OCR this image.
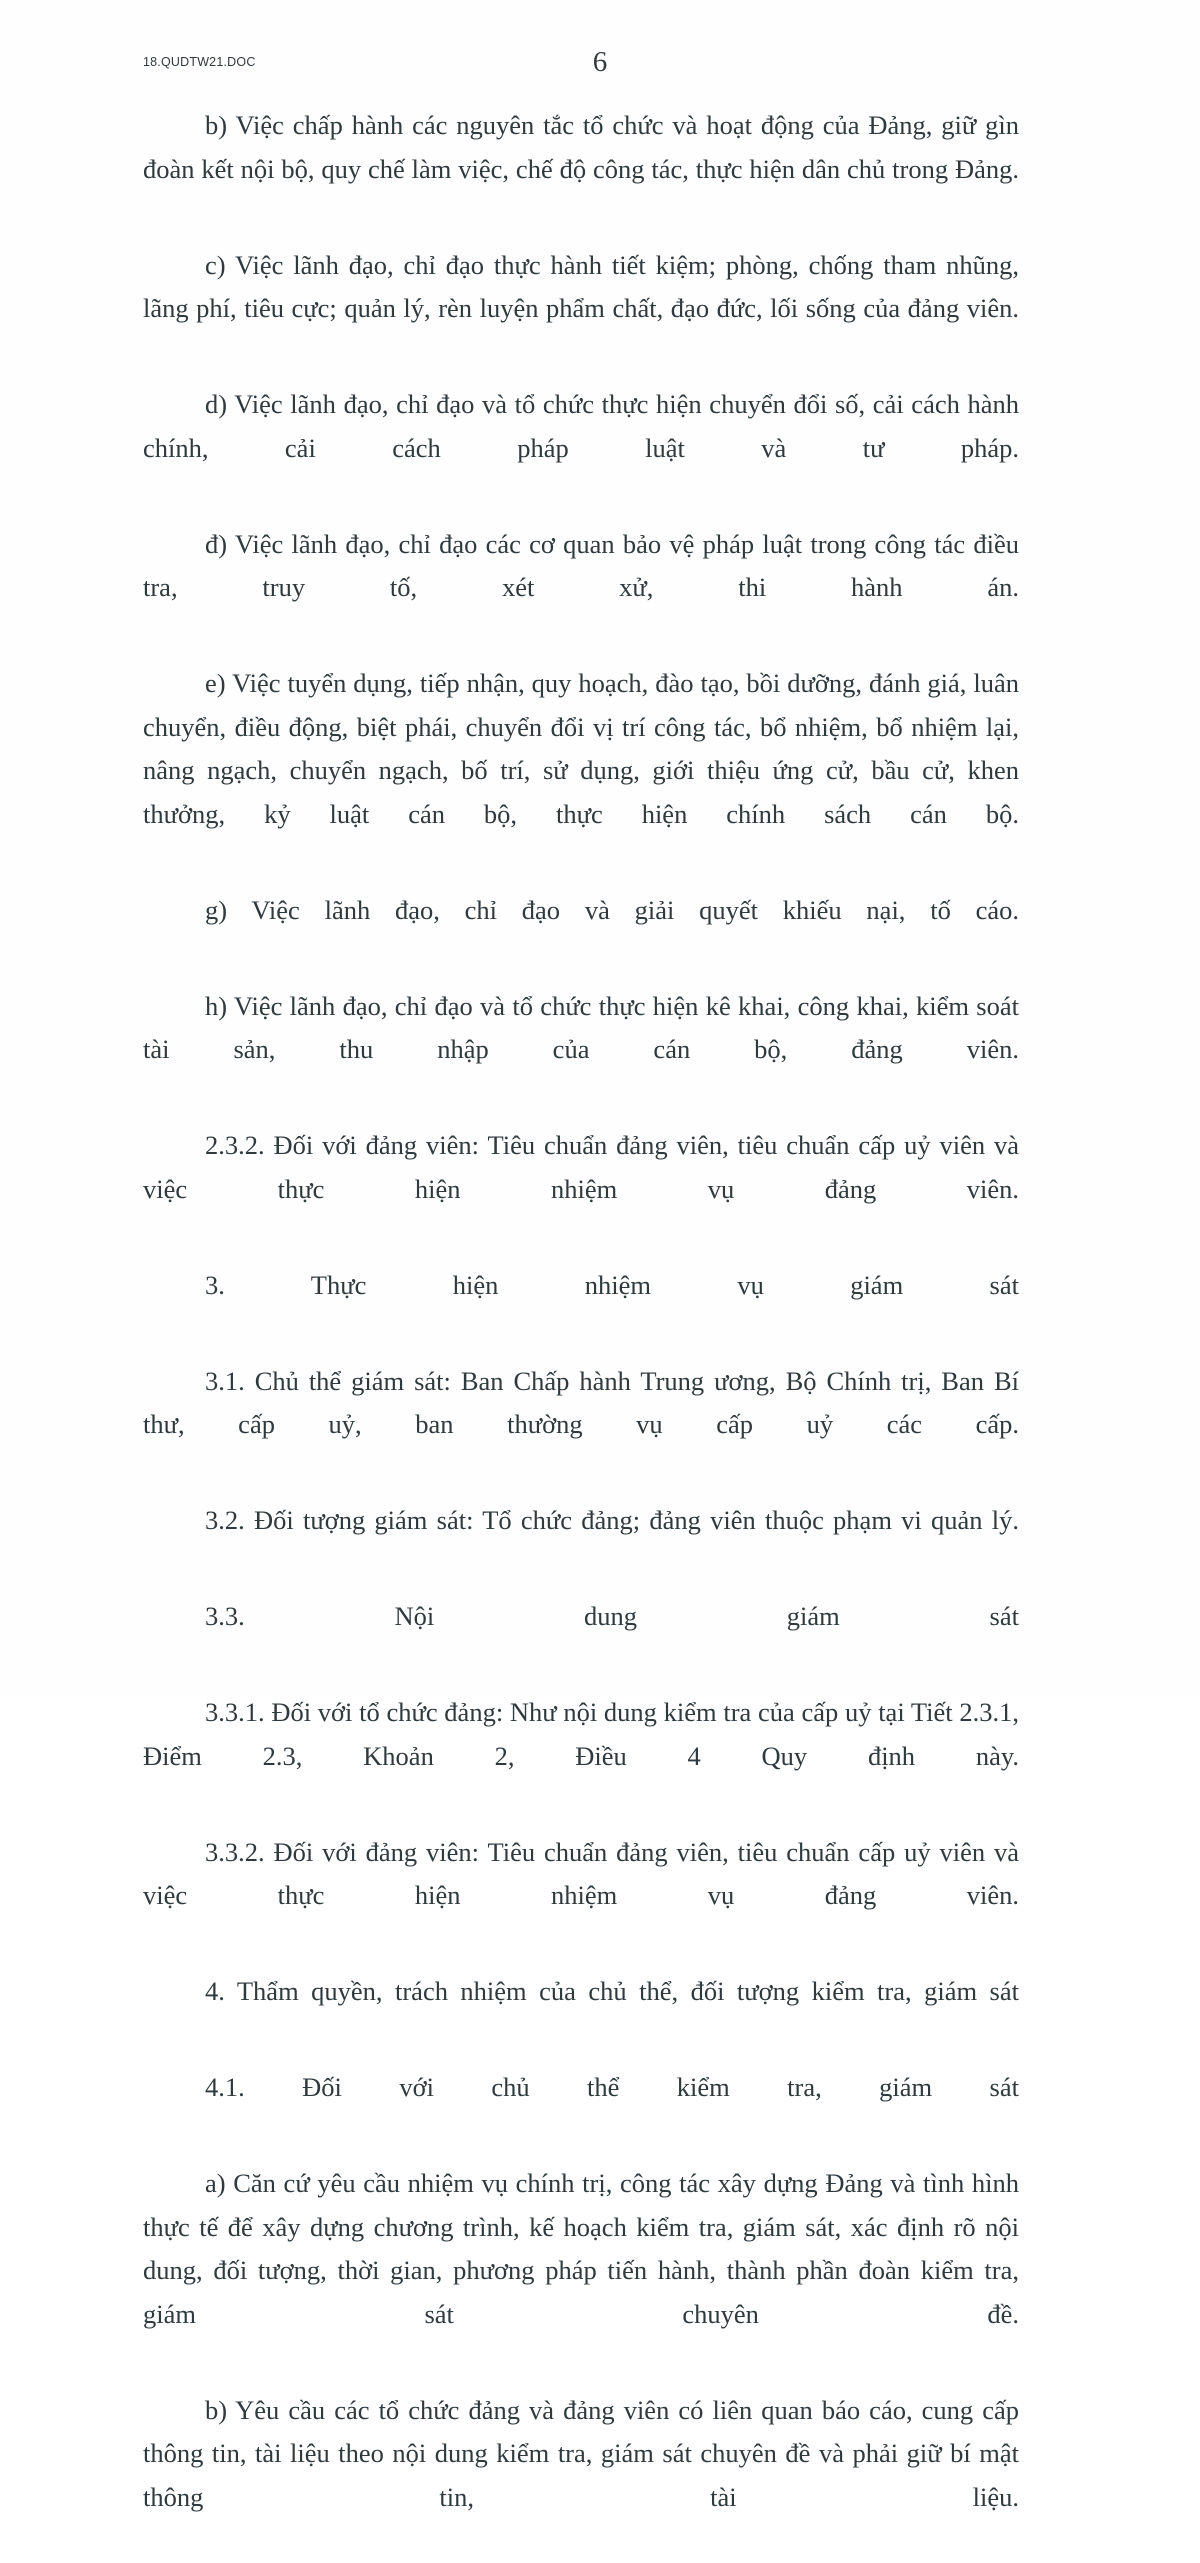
18.QUDTW21.DOC	6

b) Việc chấp hành các nguyên tắc tổ chức và hoạt động của Đảng, giữ gìn đoàn kết nội bộ, quy chế làm việc, chế độ công tác, thực hiện dân chủ trong Đảng.

c) Việc lãnh đạo, chỉ đạo thực hành tiết kiệm; phòng, chống tham nhũng, lãng phí, tiêu cực; quản lý, rèn luyện phẩm chất, đạo đức, lối sống của đảng viên.

d) Việc lãnh đạo, chỉ đạo và tổ chức thực hiện chuyển đổi số, cải cách hành chính, cải cách pháp luật và tư pháp.

đ) Việc lãnh đạo, chỉ đạo các cơ quan bảo vệ pháp luật trong công tác điều tra, truy tố, xét xử, thi hành án.

e) Việc tuyển dụng, tiếp nhận, quy hoạch, đào tạo, bồi dưỡng, đánh giá, luân chuyển, điều động, biệt phái, chuyển đổi vị trí công tác, bổ nhiệm, bổ nhiệm lại, nâng ngạch, chuyển ngạch, bố trí, sử dụng, giới thiệu ứng cử, bầu cử, khen thưởng, kỷ luật cán bộ, thực hiện chính sách cán bộ.

g) Việc lãnh đạo, chỉ đạo và giải quyết khiếu nại, tố cáo.

h) Việc lãnh đạo, chỉ đạo và tổ chức thực hiện kê khai, công khai, kiểm soát tài sản, thu nhập của cán bộ, đảng viên.

2.3.2. Đối với đảng viên: Tiêu chuẩn đảng viên, tiêu chuẩn cấp uỷ viên và việc thực hiện nhiệm vụ đảng viên.

3. Thực hiện nhiệm vụ giám sát

3.1. Chủ thể giám sát: Ban Chấp hành Trung ương, Bộ Chính trị, Ban Bí thư, cấp uỷ, ban thường vụ cấp uỷ các cấp.

3.2. Đối tượng giám sát: Tổ chức đảng; đảng viên thuộc phạm vi quản lý.

3.3. Nội dung giám sát

3.3.1. Đối với tổ chức đảng: Như nội dung kiểm tra của cấp uỷ tại Tiết 2.3.1, Điểm 2.3, Khoản 2, Điều 4 Quy định này.

3.3.2. Đối với đảng viên: Tiêu chuẩn đảng viên, tiêu chuẩn cấp uỷ viên và việc thực hiện nhiệm vụ đảng viên.

4. Thẩm quyền, trách nhiệm của chủ thể, đối tượng kiểm tra, giám sát

4.1. Đối với chủ thể kiểm tra, giám sát

a) Căn cứ yêu cầu nhiệm vụ chính trị, công tác xây dựng Đảng và tình hình thực tế để xây dựng chương trình, kế hoạch kiểm tra, giám sát, xác định rõ nội dung, đối tượng, thời gian, phương pháp tiến hành, thành phần đoàn kiểm tra, giám sát chuyên đề.

b) Yêu cầu các tổ chức đảng và đảng viên có liên quan báo cáo, cung cấp thông tin, tài liệu theo nội dung kiểm tra, giám sát chuyên đề và phải giữ bí mật thông tin, tài liệu.
